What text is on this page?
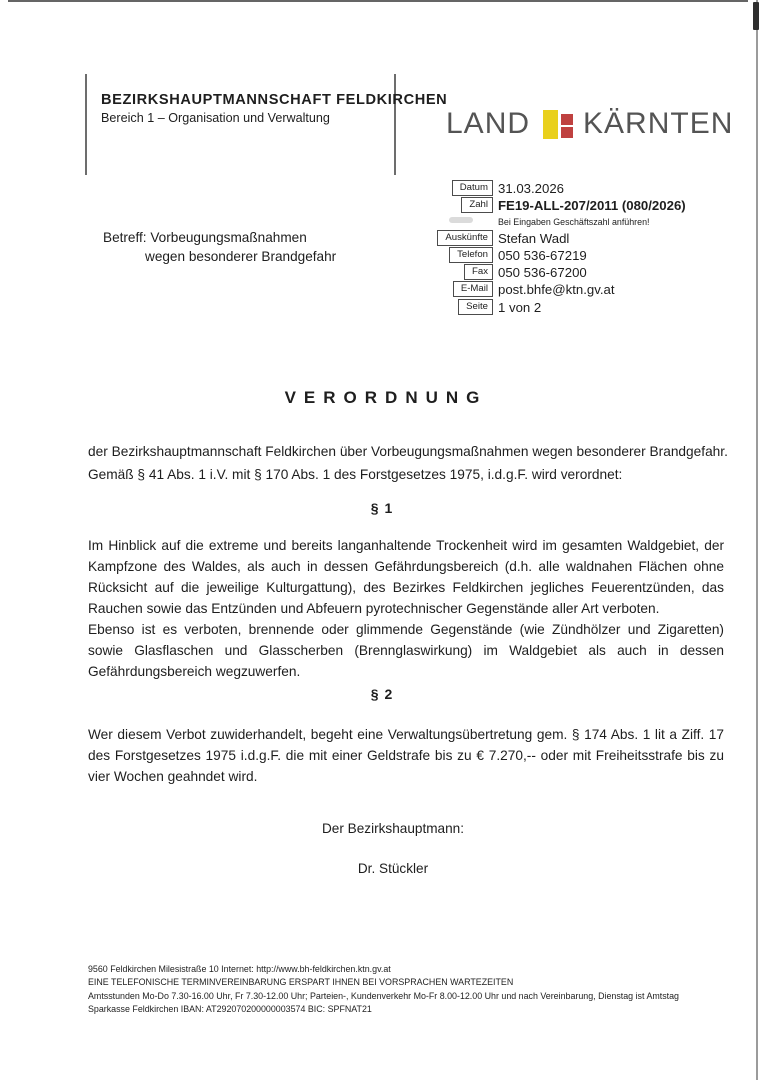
BEZIRKSHAUPTMANNSCHAFT FELDKIRCHEN
Bereich 1 – Organisation und Verwaltung	LAND KÄRNTEN
Datum 31.03.2026
Zahl FE19-ALL-207/2011 (080/2026)
Bei Eingaben Geschäftszahl anführen!
Auskünfte Stefan Wadl
Telefon 050 536-67219
Fax 050 536-67200
E-Mail post.bhfe@ktn.gv.at
Seite 1 von 2
Betreff: Vorbeugungsmaßnahmen
wegen besonderer Brandgefahr
VERORDNUNG
der Bezirkshauptmannschaft Feldkirchen über Vorbeugungsmaßnahmen wegen besonderer Brandgefahr.
Gemäß § 41 Abs. 1 i.V. mit § 170 Abs. 1 des Forstgesetzes 1975, i.d.g.F. wird verordnet:
§ 1

Im Hinblick auf die extreme und bereits langanhaltende Trockenheit wird im gesamten Waldgebiet, der Kampfzone des Waldes, als auch in dessen Gefährdungsbereich (d.h. alle waldnahen Flächen ohne Rücksicht auf die jeweilige Kulturgattung), des Bezirkes Feldkirchen jegliches Feuerentzünden, das Rauchen sowie das Entzünden und Abfeuern pyrotechnischer Gegenstände aller Art verboten.

Ebenso ist es verboten, brennende oder glimmende Gegenstände (wie Zündhölzer und Zigaretten) sowie Glasflaschen und Glasscherben (Brennglaswirkung) im Waldgebiet als auch in dessen Gefährdungsbereich wegzuwerfen.

§ 2

Wer diesem Verbot zuwiderhandelt, begeht eine Verwaltungsübertretung gem. § 174 Abs. 1 lit a Ziff. 17 des Forstgesetzes 1975 i.d.g.F. die mit einer Geldstrafe bis zu € 7.270,-- oder mit Freiheitsstrafe bis zu vier Wochen geahndet wird.

Der Bezirkshauptmann:
Dr. Stückler
9560 Feldkirchen Milesistraße 10 Internet: http://www.bh-feldkirchen.ktn.gv.at
EINE TELEFONISCHE TERMINVEREINBARUNG ERSPART IHNEN BEI VORSPRACHEN WARTEZEITEN
Amtsstunden Mo-Do 7.30-16.00 Uhr, Fr 7.30-12.00 Uhr; Parteien-, Kundenverkehr Mo-Fr 8.00-12.00 Uhr und nach Vereinbarung, Dienstag ist Amtstag
Sparkasse Feldkirchen IBAN: AT292070200000003574 BIC: SPFNAT21
